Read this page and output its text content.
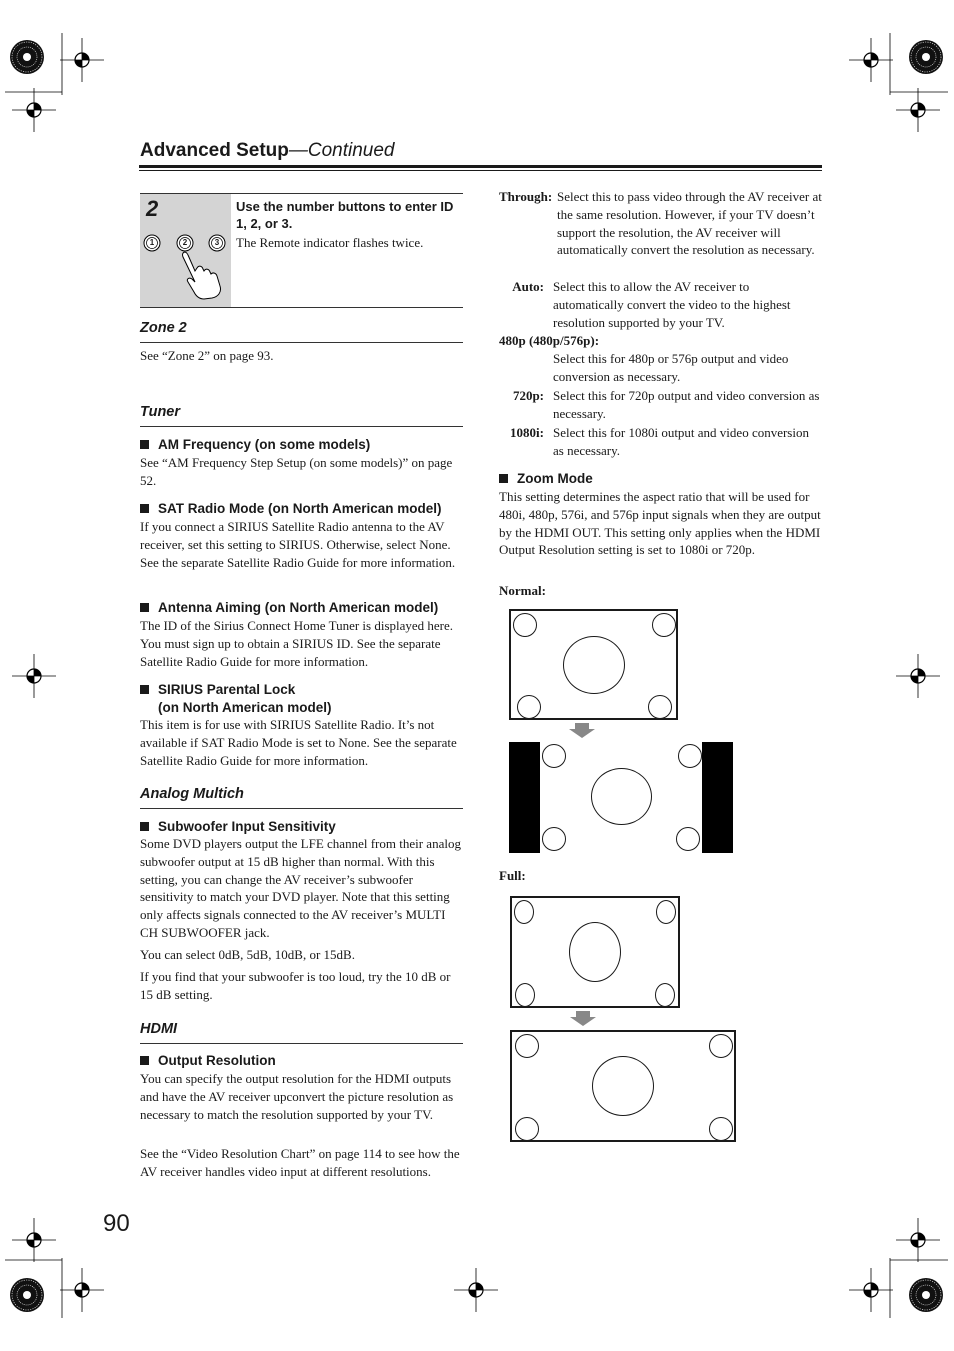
Advanced Setup—Continued
2
1	2	3
Use the number buttons to enter ID 1, 2, or 3.
The Remote indicator flashes twice.
Zone 2
See “Zone 2” on page 93.
Tuner
AM Frequency (on some models)

See “AM Frequency Step Setup (on some models)” on page 52.

SAT Radio Mode (on North American model)

If you connect a SIRIUS Satellite Radio antenna to the AV receiver, set this setting to SIRIUS. Otherwise, select None. See the separate Satellite Radio Guide for more information.

Antenna Aiming (on North American model)

The ID of the Sirius Connect Home Tuner is displayed here. You must sign up to obtain a SIRIUS ID. See the separate Satellite Radio Guide for more information.

SIRIUS Parental Lock
(on North American model)

This item is for use with SIRIUS Satellite Radio. It’s not available if SAT Radio Mode is set to None. See the separate Satellite Radio Guide for more information.

Analog Multich
Subwoofer Input Sensitivity

Some DVD players output the LFE channel from their analog subwoofer output at 15 dB higher than normal. With this setting, you can change the AV receiver’s subwoofer sensitivity to match your DVD player. Note that this setting only affects signals connected to the AV receiver’s MULTI CH SUBWOOFER jack.

You can select 0dB, 5dB, 10dB, or 15dB.

If you find that your subwoofer is too loud, try the 10 dB or 15 dB setting.

HDMI
Output Resolution

You can specify the output resolution for the HDMI outputs and have the AV receiver upconvert the picture resolution as necessary to match the resolution supported by your TV.

See the “Video Resolution Chart” on page 114 to see how the AV receiver handles video input at different resolutions.

Through: Select this to pass video through the AV receiver at the same resolution. However, if your TV doesn’t support the resolution, the AV receiver will automatically convert the resolution as necessary.

Auto: Select this to allow the AV receiver to automatically convert the video to the highest resolution supported by your TV.

480p (480p/576p):

Select this for 480p or 576p output and video conversion as necessary.

720p: Select this for 720p output and video conversion as necessary.

1080i: Select this for 1080i output and video conversion as necessary.

Zoom Mode

This setting determines the aspect ratio that will be used for 480i, 480p, 576i, and 576p input signals when they are output by the HDMI OUT. This setting only applies when the HDMI Output Resolution setting is set to 1080i or 720p.

Normal:
Full:
90
